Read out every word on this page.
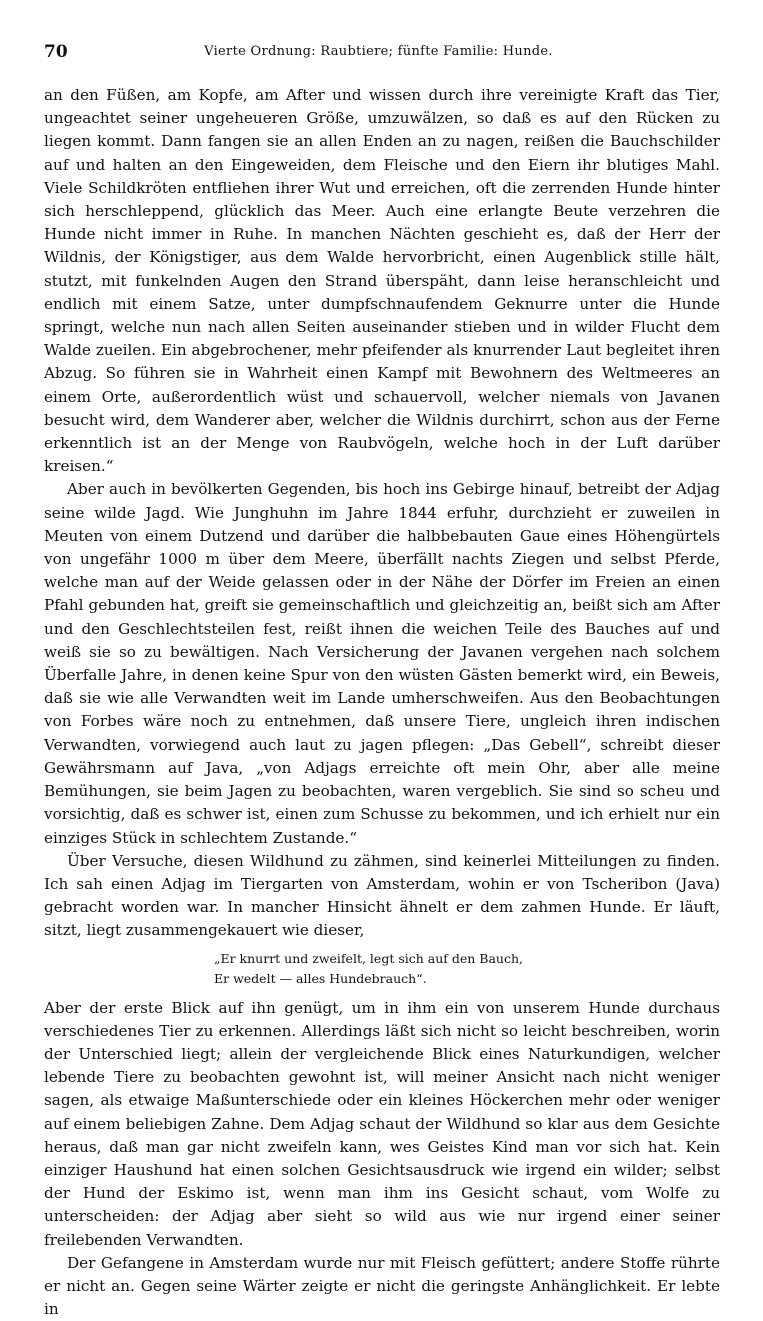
70	Vierte Ordnung: Raubtiere; fünfte Familie: Hunde.

an den Füßen, am Kopfe, am After und wissen durch ihre vereinigte Kraft das Tier, ungeachtet seiner ungeheueren Größe, umzuwälzen, so daß es auf den Rücken zu liegen kommt. Dann fangen sie an allen Enden an zu nagen, reißen die Bauchschilder auf und halten an den Eingeweiden, dem Fleische und den Eiern ihr blutiges Mahl. Viele Schildkröten entfliehen ihrer Wut und erreichen, oft die zerrenden Hunde hinter sich herschleppend, glücklich das Meer. Auch eine erlangte Beute verzehren die Hunde nicht immer in Ruhe. In manchen Nächten geschieht es, daß der Herr der Wildnis, der Königstiger, aus dem Walde hervorbricht, einen Augenblick stille hält, stutzt, mit funkelnden Augen den Strand überspäht, dann leise heranschleicht und endlich mit einem Satze, unter dumpfschnaufendem Geknurre unter die Hunde springt, welche nun nach allen Seiten auseinander stieben und in wilder Flucht dem Walde zueilen. Ein abgebrochener, mehr pfeifender als knurrender Laut begleitet ihren Abzug. So führen sie in Wahrheit einen Kampf mit Bewohnern des Weltmeeres an einem Orte, außerordentlich wüst und schauervoll, welcher niemals von Javanen besucht wird, dem Wanderer aber, welcher die Wildnis durchirrt, schon aus der Ferne erkenntlich ist an der Menge von Raubvögeln, welche hoch in der Luft darüber kreisen.“

Aber auch in bevölkerten Gegenden, bis hoch ins Gebirge hinauf, betreibt der Adjag seine wilde Jagd. Wie Junghuhn im Jahre 1844 erfuhr, durchzieht er zuweilen in Meuten von einem Dutzend und darüber die halbbebauten Gaue eines Höhengürtels von ungefähr 1000 m über dem Meere, überfällt nachts Ziegen und selbst Pferde, welche man auf der Weide gelassen oder in der Nähe der Dörfer im Freien an einen Pfahl gebunden hat, greift sie gemeinschaftlich und gleichzeitig an, beißt sich am After und den Geschlechtsteilen fest, reißt ihnen die weichen Teile des Bauches auf und weiß sie so zu bewältigen. Nach Versicherung der Javanen vergehen nach solchem Überfalle Jahre, in denen keine Spur von den wüsten Gästen bemerkt wird, ein Beweis, daß sie wie alle Verwandten weit im Lande umherschweifen. Aus den Beobachtungen von Forbes wäre noch zu entnehmen, daß unsere Tiere, ungleich ihren indischen Verwandten, vorwiegend auch laut zu jagen pflegen: „Das Gebell“, schreibt dieser Gewährsmann auf Java, „von Adjags erreichte oft mein Ohr, aber alle meine Bemühungen, sie beim Jagen zu beobachten, waren vergeblich. Sie sind so scheu und vorsichtig, daß es schwer ist, einen zum Schusse zu bekommen, und ich erhielt nur ein einziges Stück in schlechtem Zustande.“

Über Versuche, diesen Wildhund zu zähmen, sind keinerlei Mitteilungen zu finden. Ich sah einen Adjag im Tiergarten von Amsterdam, wohin er von Tscheribon (Java) gebracht worden war. In mancher Hinsicht ähnelt er dem zahmen Hunde. Er läuft, sitzt, liegt zusammengekauert wie dieser,

„Er knurrt und zweifelt, legt sich auf den Bauch,
Er wedelt — alles Hundebrauch“.

Aber der erste Blick auf ihn genügt, um in ihm ein von unserem Hunde durchaus verschiedenes Tier zu erkennen. Allerdings läßt sich nicht so leicht beschreiben, worin der Unterschied liegt; allein der vergleichende Blick eines Naturkundigen, welcher lebende Tiere zu beobachten gewohnt ist, will meiner Ansicht nach nicht weniger sagen, als etwaige Maßunterschiede oder ein kleines Höckerchen mehr oder weniger auf einem beliebigen Zahne. Dem Adjag schaut der Wildhund so klar aus dem Gesichte heraus, daß man gar nicht zweifeln kann, wes Geistes Kind man vor sich hat. Kein einziger Haushund hat einen solchen Gesichtsausdruck wie irgend ein wilder; selbst der Hund der Eskimo ist, wenn man ihm ins Gesicht schaut, vom Wolfe zu unterscheiden: der Adjag aber sieht so wild aus wie nur irgend einer seiner freilebenden Verwandten.

Der Gefangene in Amsterdam wurde nur mit Fleisch gefüttert; andere Stoffe rührte er nicht an. Gegen seine Wärter zeigte er nicht die geringste Anhänglichkeit. Er lebte in
